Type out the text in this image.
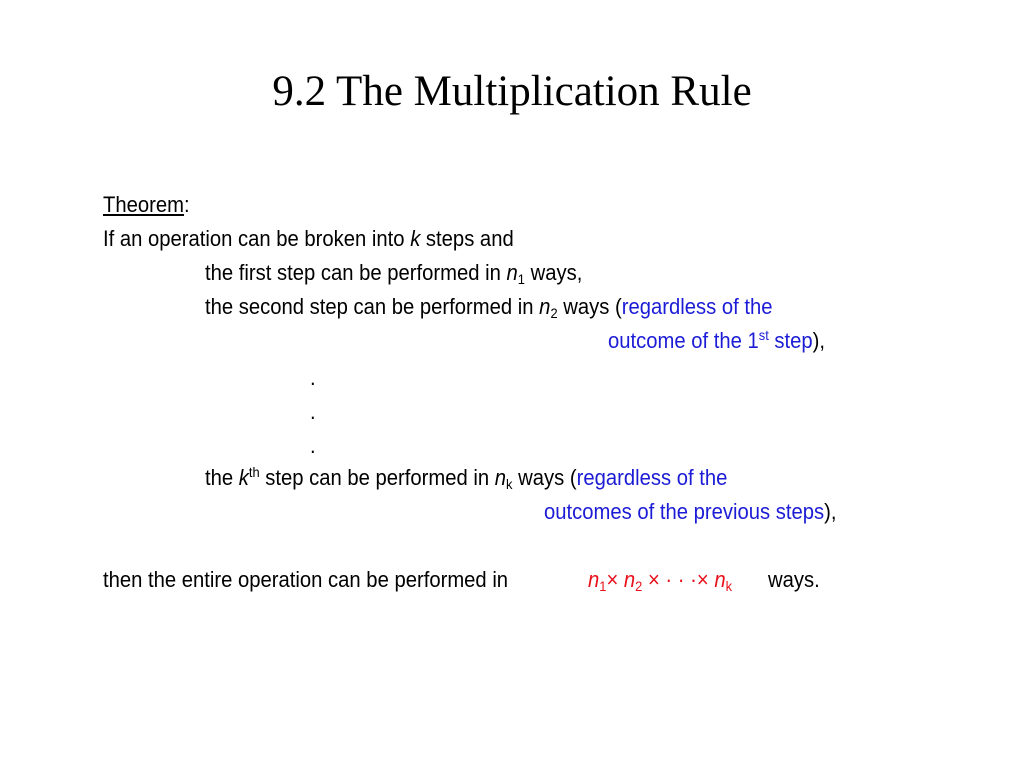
9.2 The Multiplication Rule
Theorem:
If an operation can be broken into k steps and
the first step can be performed in $n_1$ ways,
the second step can be performed in $n_2$ ways (regardless of the
outcome of the 1st step),
.
.
.
the $k^{th}$ step can be performed in $n_k$ ways (regardless of the
outcomes of the previous steps),
then the entire operation can be performed in	$n_1\times n_2$ × · · ·× $n_k$ ways.
